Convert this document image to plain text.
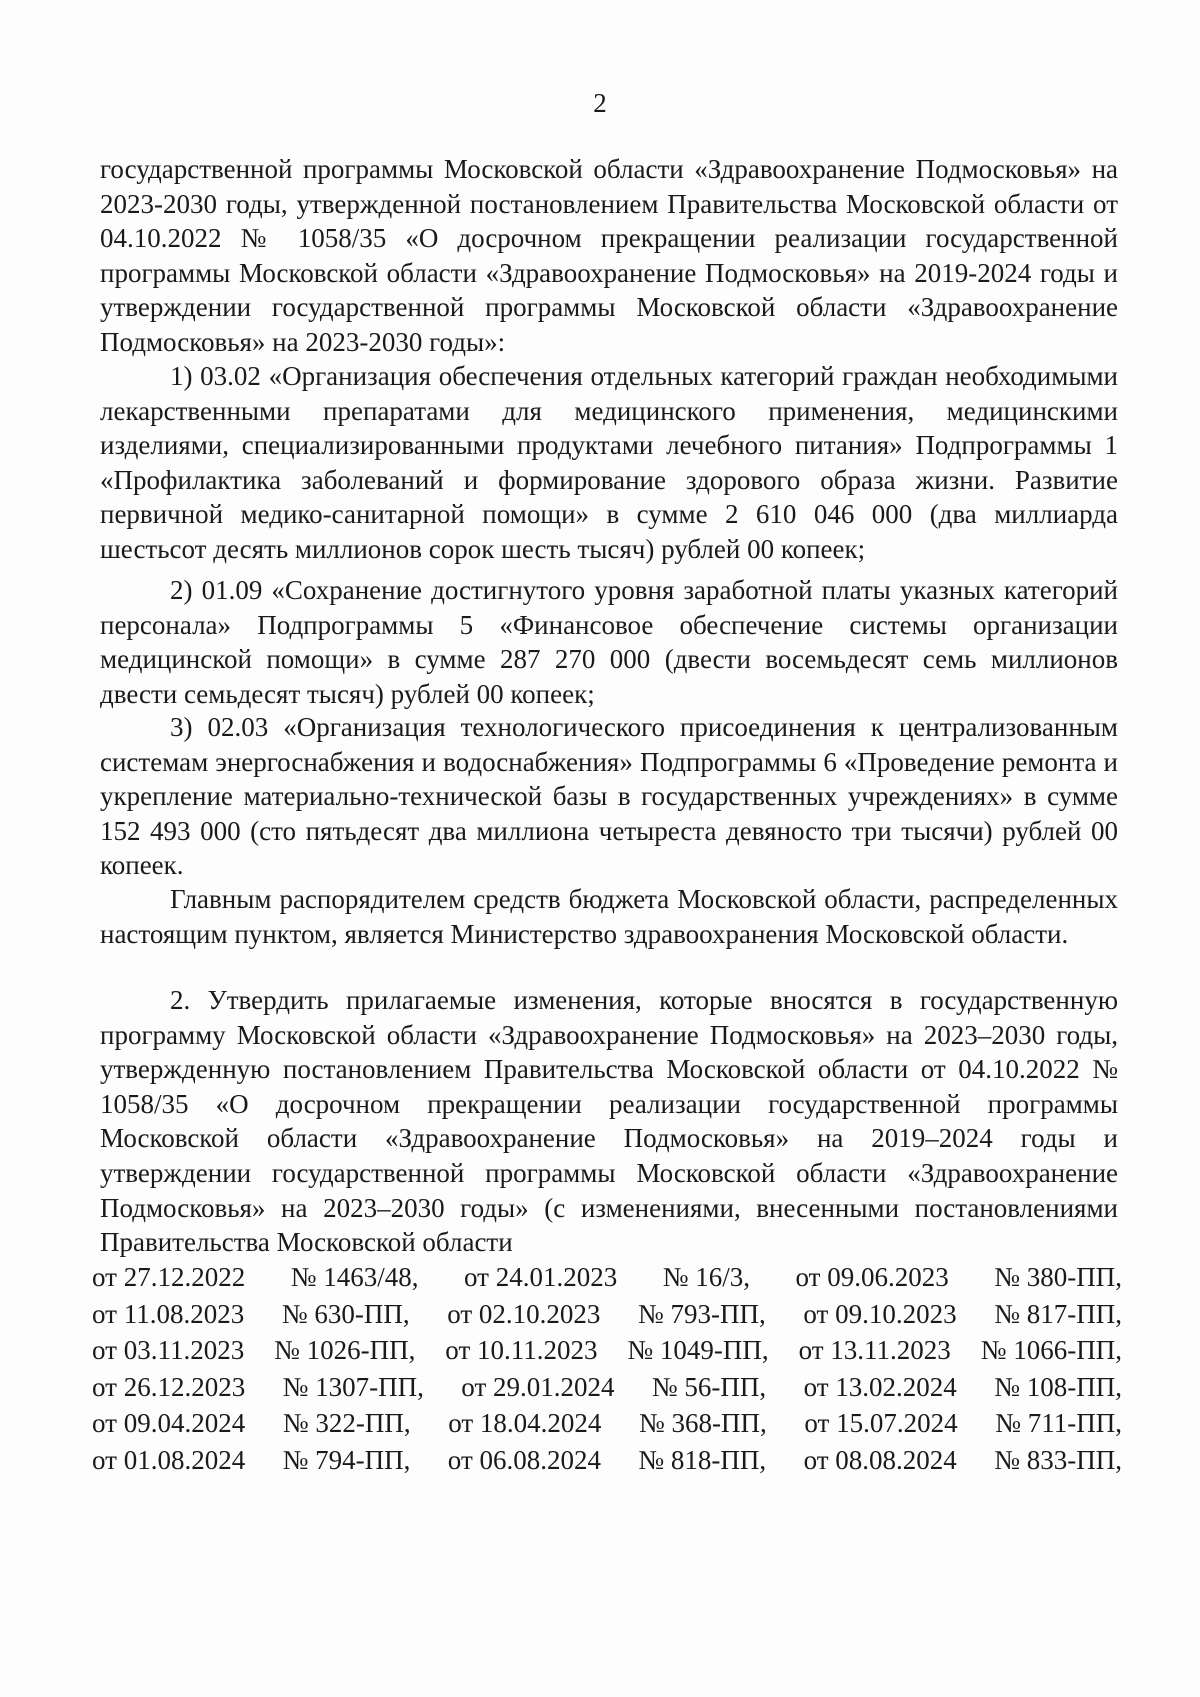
2
государственной программы Московской области «Здравоохранение Подмосковья» на 2023-2030 годы, утвержденной постановлением Правительства Московской области от 04.10.2022 № 1058/35 «О досрочном прекращении реализации государственной программы Московской области «Здравоохранение Подмосковья» на 2019-2024 годы и утверждении государственной программы Московской области «Здравоохранение Подмосковья» на 2023-2030 годы»:
1) 03.02 «Организация обеспечения отдельных категорий граждан необходимыми лекарственными препаратами для медицинского применения, медицинскими изделиями, специализированными продуктами лечебного питания» Подпрограммы 1 «Профилактика заболеваний и формирование здорового образа жизни. Развитие первичной медико-санитарной помощи» в сумме 2 610 046 000 (два миллиарда шестьсот десять миллионов сорок шесть тысяч) рублей 00 копеек;
2) 01.09 «Сохранение достигнутого уровня заработной платы указных категорий персонала» Подпрограммы 5 «Финансовое обеспечение системы организации медицинской помощи» в сумме 287 270 000 (двести восемьдесят семь миллионов двести семьдесят тысяч) рублей 00 копеек;
3) 02.03 «Организация технологического присоединения к централизованным системам энергоснабжения и водоснабжения» Подпрограммы 6 «Проведение ремонта и укрепление материально-технической базы в государственных учреждениях» в сумме 152 493 000 (сто пятьдесят два миллиона четыреста девяносто три тысячи) рублей 00 копеек.
Главным распорядителем средств бюджета Московской области, распределенных настоящим пунктом, является Министерство здравоохранения Московской области.
2. Утвердить прилагаемые изменения, которые вносятся в государственную программу Московской области «Здравоохранение Подмосковья» на 2023–2030 годы, утвержденную постановлением Правительства Московской области от 04.10.2022 № 1058/35 «О досрочном прекращении реализации государственной программы Московской области «Здравоохранение Подмосковья» на 2019–2024 годы и утверждении государственной программы Московской области «Здравоохранение Подмосковья» на 2023–2030 годы» (с изменениями, внесенными постановлениями Правительства Московской области
от 27.12.2022 № 1463/48, от 24.01.2023 № 16/3, от 09.06.2023 № 380-ПП,
от 11.08.2023 № 630-ПП, от 02.10.2023 № 793-ПП, от 09.10.2023 № 817-ПП,
от 03.11.2023 № 1026-ПП, от 10.11.2023 № 1049-ПП, от 13.11.2023 № 1066-ПП,
от 26.12.2023 № 1307-ПП, от 29.01.2024 № 56-ПП, от 13.02.2024 № 108-ПП,
от 09.04.2024 № 322-ПП, от 18.04.2024 № 368-ПП, от 15.07.2024 № 711-ПП,
от 01.08.2024 № 794-ПП, от 06.08.2024 № 818-ПП, от 08.08.2024 № 833-ПП,
